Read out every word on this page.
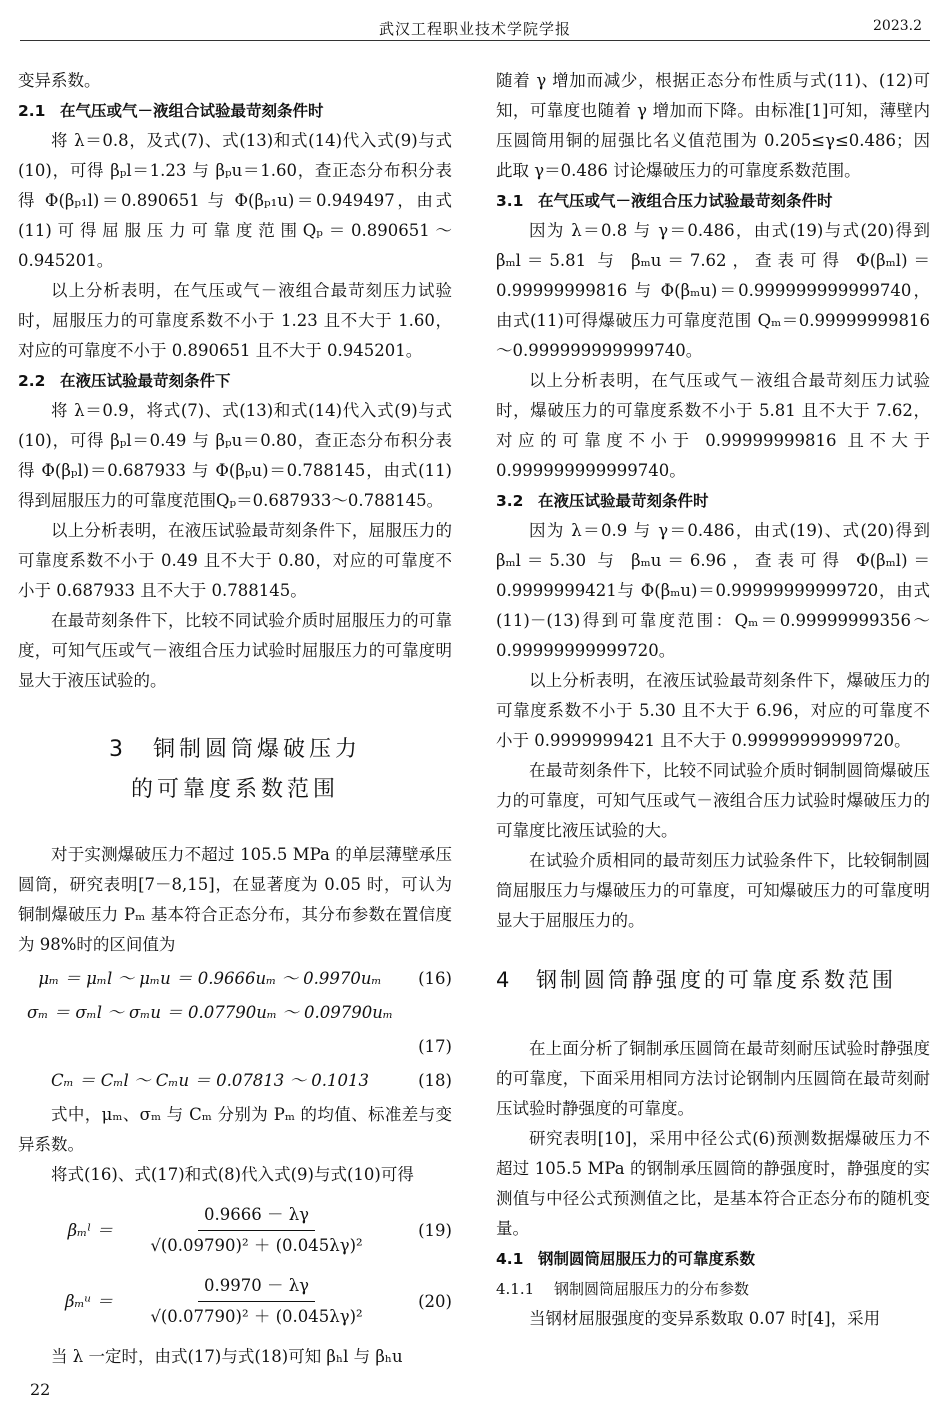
武汉工程职业技术学院学报	2023.2

变异系数。

2.1 在气压或气－液组合试验最苛刻条件时

将 λ＝0.8，及式(7)、式(13)和式(14)代入式(9)与式(10)，可得 βₚl＝1.23 与 βₚu＝1.60，查正态分布积分表得 Φ(βₚ₁l)＝0.890651 与 Φ(βₚ₁u)＝0.949497，由式(11)可得屈服压力可靠度范围Qₚ＝0.890651～0.945201。

以上分析表明，在气压或气－液组合最苛刻压力试验时，屈服压力的可靠度系数不小于 1.23 且不大于 1.60，对应的可靠度不小于 0.890651 且不大于 0.945201。

2.2 在液压试验最苛刻条件下

将 λ＝0.9，将式(7)、式(13)和式(14)代入式(9)与式(10)，可得 βₚl＝0.49 与 βₚu＝0.80，查正态分布积分表得 Φ(βₚl)＝0.687933 与 Φ(βₚu)＝0.788145，由式(11)得到屈服压力的可靠度范围Qₚ＝0.687933～0.788145。

以上分析表明，在液压试验最苛刻条件下，屈服压力的可靠度系数不小于 0.49 且不大于 0.80，对应的可靠度不小于 0.687933 且不大于 0.788145。

在最苛刻条件下，比较不同试验介质时屈服压力的可靠度，可知气压或气－液组合压力试验时屈服压力的可靠度明显大于液压试验的。

3　铜制圆筒爆破压力
的可靠度系数范围

对于实测爆破压力不超过 105.5 MPa 的单层薄壁承压圆筒，研究表明[7－8,15]，在显著度为 0.05 时，可认为铜制爆破压力 Pₘ 基本符合正态分布，其分布参数在置信度为 98%时的区间值为

μₘ ＝ μₘl ～ μₘu ＝ 0.9666uₘ ～ 0.9970uₘ	(16)
σₘ ＝ σₘl ～ σₘu ＝ 0.07790uₘ ～ 0.09790uₘ
(17)
Cₘ ＝ Cₘl ～ Cₘu ＝ 0.07813 ～ 0.1013	(18)

式中，μₘ、σₘ 与 Cₘ 分别为 Pₘ 的均值、标准差与变异系数。

将式(16)、式(17)和式(8)代入式(9)与式(10)可得

βₘˡ ＝ $\frac{0.9666 - \lambda\gamma}{\text{√(0.09790)² ＋ (0.045λγ)²}}$	(19)
βₘᵘ ＝ $\frac{0.9970 - \lambda\gamma}{\text{√(0.07790)² ＋ (0.045λγ)²}}$	(20)

当 λ 一定时，由式(17)与式(18)可知 βₕl 与 βₕu

随着 γ 增加而减少，根据正态分布性质与式(11)、(12)可知，可靠度也随着 γ 增加而下降。由标准[1]可知，薄壁内压圆筒用铜的屈强比名义值范围为 0.205≤γ≤0.486；因此取 γ＝0.486 讨论爆破压力的可靠度系数范围。

3.1 在气压或气－液组合压力试验最苛刻条件时

因为 λ＝0.8 与 γ＝0.486，由式(19)与式(20)得到 βₘl＝5.81 与 βₘu＝7.62，查表可得 Φ(βₘl)＝0.99999999816 与 Φ(βₘu)＝0.999999999999740，由式(11)可得爆破压力可靠度范围 Qₘ＝0.99999999816～0.999999999999740。

以上分析表明，在气压或气－液组合最苛刻压力试验时，爆破压力的可靠度系数不小于 5.81 且不大于 7.62，对应的可靠度不小于 0.99999999816 且不大于 0.999999999999740。

3.2 在液压试验最苛刻条件时

因为 λ＝0.9 与 γ＝0.486，由式(19)、式(20)得到 βₘl＝5.30 与 βₘu＝6.96，查表可得 Φ(βₘl)＝0.9999999421与 Φ(βₘu)＝0.99999999999720，由式(11)－(13)得到可靠度范围：Qₘ＝0.99999999356～0.99999999999720。

以上分析表明，在液压试验最苛刻条件下，爆破压力的可靠度系数不小于 5.30 且不大于 6.96，对应的可靠度不小于 0.9999999421 且不大于 0.99999999999720。

在最苛刻条件下，比较不同试验介质时铜制圆筒爆破压力的可靠度，可知气压或气－液组合压力试验时爆破压力的可靠度比液压试验的大。

在试验介质相同的最苛刻压力试验条件下，比较铜制圆筒屈服压力与爆破压力的可靠度，可知爆破压力的可靠度明显大于屈服压力的。

4 钢制圆筒静强度的可靠度系数范围

在上面分析了铜制承压圆筒在最苛刻耐压试验时静强度的可靠度，下面采用相同方法讨论钢制内压圆筒在最苛刻耐压试验时静强度的可靠度。

研究表明[10]，采用中径公式(6)预测数据爆破压力不超过 105.5 MPa 的钢制承压圆筒的静强度时，静强度的实测值与中径公式预测值之比，是基本符合正态分布的随机变量。

4.1 钢制圆筒屈服压力的可靠度系数
4.1.1 钢制圆筒屈服压力的分布参数

当钢材屈服强度的变异系数取 0.07 时[4]，采用

22
